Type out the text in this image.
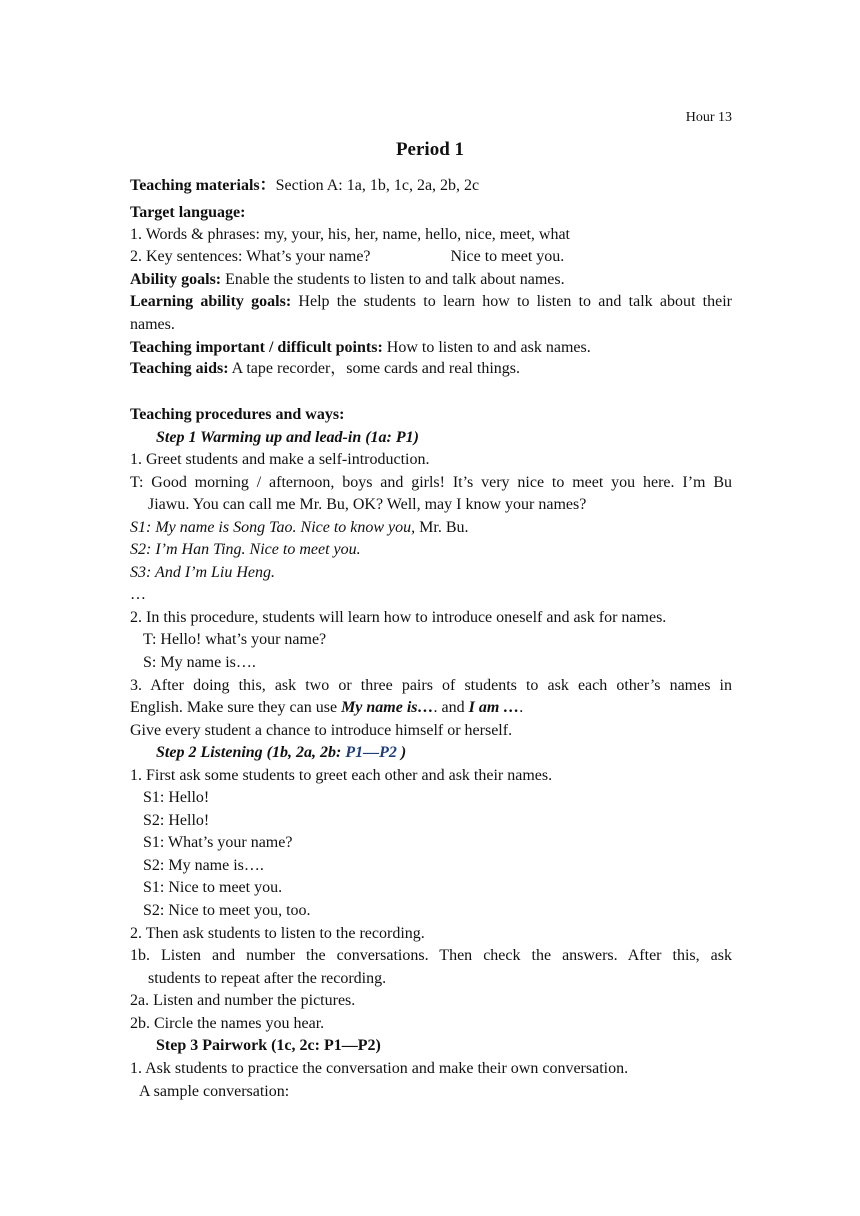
Hour 13
Period 1
Teaching materials：Section A: 1a, 1b, 1c, 2a, 2b, 2c
Target language:
1. Words & phrases: my, your, his, her, name, hello, nice, meet, what
2. Key sentences: What’s your name?	Nice to meet you.
Ability goals: Enable the students to listen to and talk about names.
Learning ability goals: Help the students to learn how to listen to and talk about their
names.
Teaching important / difficult points: How to listen to and ask names.
Teaching aids: A tape recorder，some cards and real things.
Teaching procedures and ways:
Step 1 Warming up and lead-in (1a: P1)
1. Greet students and make a self-introduction.
T: Good morning / afternoon, boys and girls! It’s very nice to meet you here. I’m Bu
Jiawu. You can call me Mr. Bu, OK? Well, may I know your names?
S1: My name is Song Tao. Nice to know you, Mr. Bu.
S2: I’m Han Ting. Nice to meet you.
S3: And I’m Liu Heng.
…
2. In this procedure, students will learn how to introduce oneself and ask for names.
T: Hello! what’s your name?
S: My name is….
3. After doing this, ask two or three pairs of students to ask each other’s names in
English. Make sure they can use My name is…. and I am ….
Give every student a chance to introduce himself or herself.
Step 2 Listening (1b, 2a, 2b: P1—P2 )
1. First ask some students to greet each other and ask their names.
S1: Hello!
S2: Hello!
S1: What’s your name?
S2: My name is….
S1: Nice to meet you.
S2: Nice to meet you, too.
2. Then ask students to listen to the recording.
1b. Listen and number the conversations. Then check the answers. After this, ask
students to repeat after the recording.
2a. Listen and number the pictures.
2b. Circle the names you hear.
Step 3 Pairwork (1c, 2c: P1—P2)
1. Ask students to practice the conversation and make their own conversation.
A sample conversation:
